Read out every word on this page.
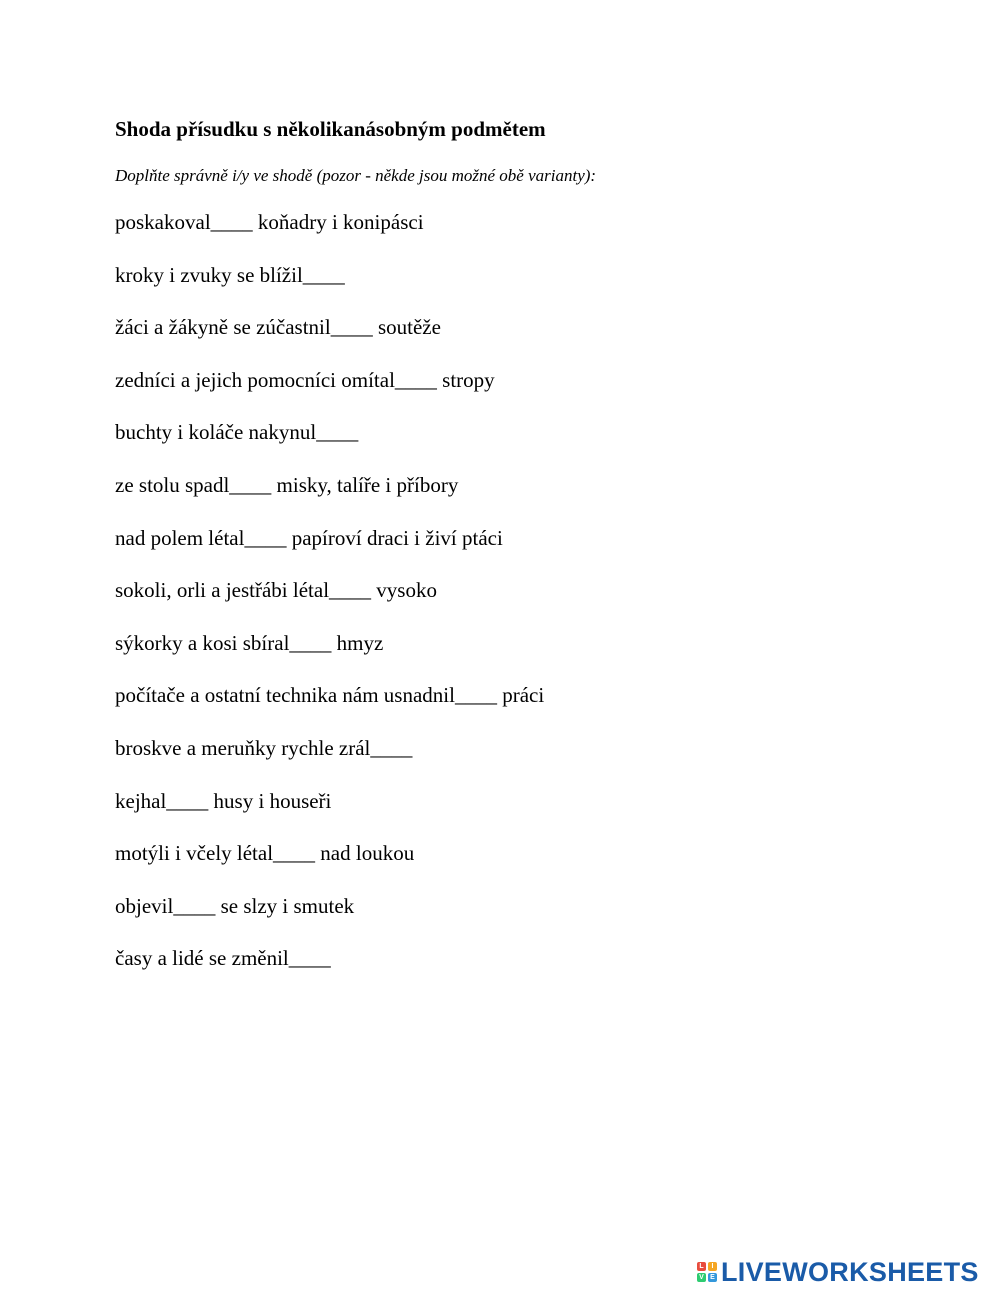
Shoda přísudku s několikanásobným podmětem
Doplňte správně i/y ve shodě (pozor - někde jsou možné obě varianty):
poskakoval____ koňadry i konipásci
kroky i zvuky se blížil____
žáci a žákyně se zúčastnil____ soutěže
zedníci a jejich pomocníci omítal____ stropy
buchty i koláče nakynul____
ze stolu spadl____ misky, talíře i příbory
nad polem létal____ papíroví draci i živí ptáci
sokoli, orli a jestřábi létal____ vysoko
sýkorky a kosi sbíral____ hmyz
počítače a ostatní technika nám usnadnil____ práci
broskve a meruňky rychle zrál____
kejhal____ husy i houseři
motýli i včely létal____ nad loukou
objevil____ se slzy i smutek
časy a lidé se změnil____
L	I
V E LIVEWORKSHEETS
